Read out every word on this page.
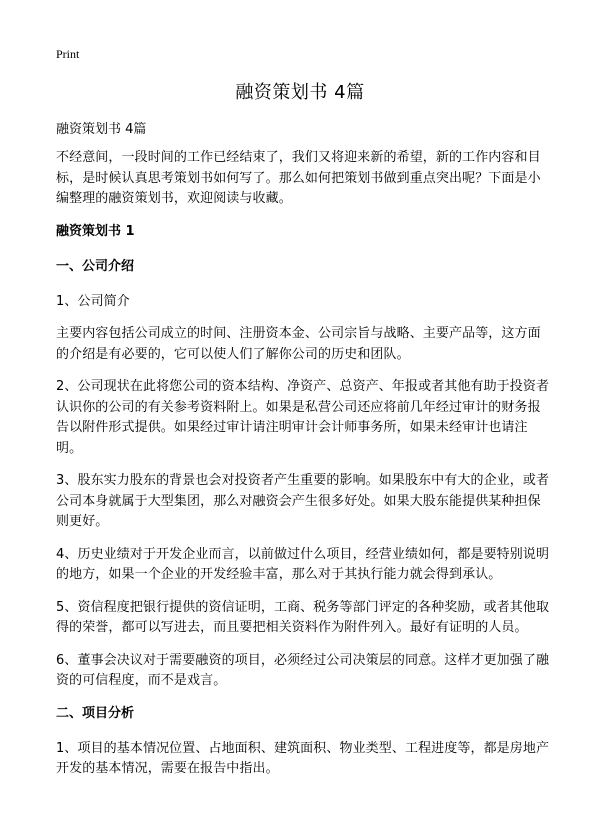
Print
融资策划书 4篇
融资策划书 4篇

不经意间，一段时间的工作已经结束了，我们又将迎来新的希望，新的工作内容和目标，是时候认真思考策划书如何写了。那么如何把策划书做到重点突出呢？下面是小编整理的融资策划书，欢迎阅读与收藏。

融资策划书 1
一、公司介绍

1、公司简介

主要内容包括公司成立的时间、注册资本金、公司宗旨与战略、主要产品等，这方面的介绍是有必要的，它可以使人们了解你公司的历史和团队。

2、公司现状在此将您公司的资本结构、净资产、总资产、年报或者其他有助于投资者认识你的公司的有关参考资料附上。如果是私营公司还应将前几年经过审计的财务报告以附件形式提供。如果经过审计请注明审计会计师事务所，如果未经审计也请注明。

3、股东实力股东的背景也会对投资者产生重要的影响。如果股东中有大的企业，或者公司本身就属于大型集团，那么对融资会产生很多好处。如果大股东能提供某种担保则更好。

4、历史业绩对于开发企业而言，以前做过什么项目，经营业绩如何，都是要特别说明的地方，如果一个企业的开发经验丰富，那么对于其执行能力就会得到承认。

5、资信程度把银行提供的资信证明，工商、税务等部门评定的各种奖励，或者其他取得的荣誉，都可以写进去，而且要把相关资料作为附件列入。最好有证明的人员。

6、董事会决议对于需要融资的项目，必须经过公司决策层的同意。这样才更加强了融资的可信程度，而不是戏言。

二、项目分析

1、项目的基本情况位置、占地面积、建筑面积、物业类型、工程进度等，都是房地产开发的基本情况，需要在报告中指出。
